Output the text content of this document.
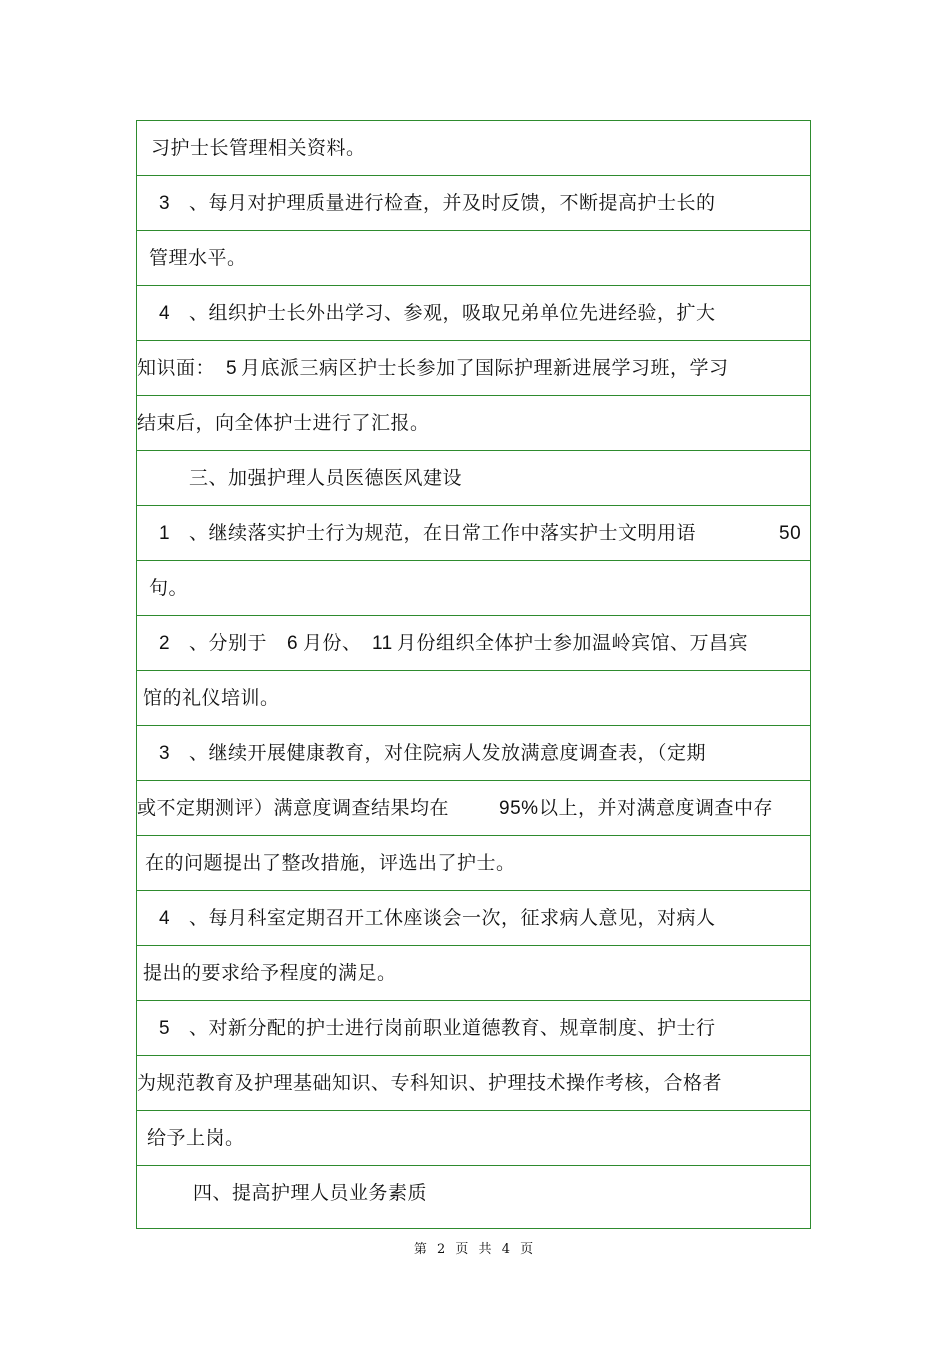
习护士长管理相关资料。
3 、每月对护理质量进行检查，并及时反馈，不断提高护士长的
管理水平。
4 、组织护士长外出学习、参观，吸取兄弟单位先进经验，扩大
知识面： 5 月底派三病区护士长参加了国际护理新进展学习班，学习
结束后，向全体护士进行了汇报。
三、加强护理人员医德医风建设
1 、继续落实护士行为规范，在日常工作中落实护士文明用语	50
句。
2 、分别于 6 月份、 11 月份组织全体护士参加温岭宾馆、万昌宾
馆的礼仪培训。
3 、继续开展健康教育，对住院病人发放满意度调查表，（定期
或不定期测评）满意度调查结果均在	95% 以上，并对满意度调查中存
在的问题提出了整改措施，评选出了护士。
4 、每月科室定期召开工休座谈会一次，征求病人意见，对病人
提出的要求给予程度的满足。
5 、对新分配的护士进行岗前职业道德教育、规章制度、护士行
为规范教育及护理基础知识、专科知识、护理技术操作考核，合格者
给予上岗。
四、提高护理人员业务素质
第 2 页 共 4 页
